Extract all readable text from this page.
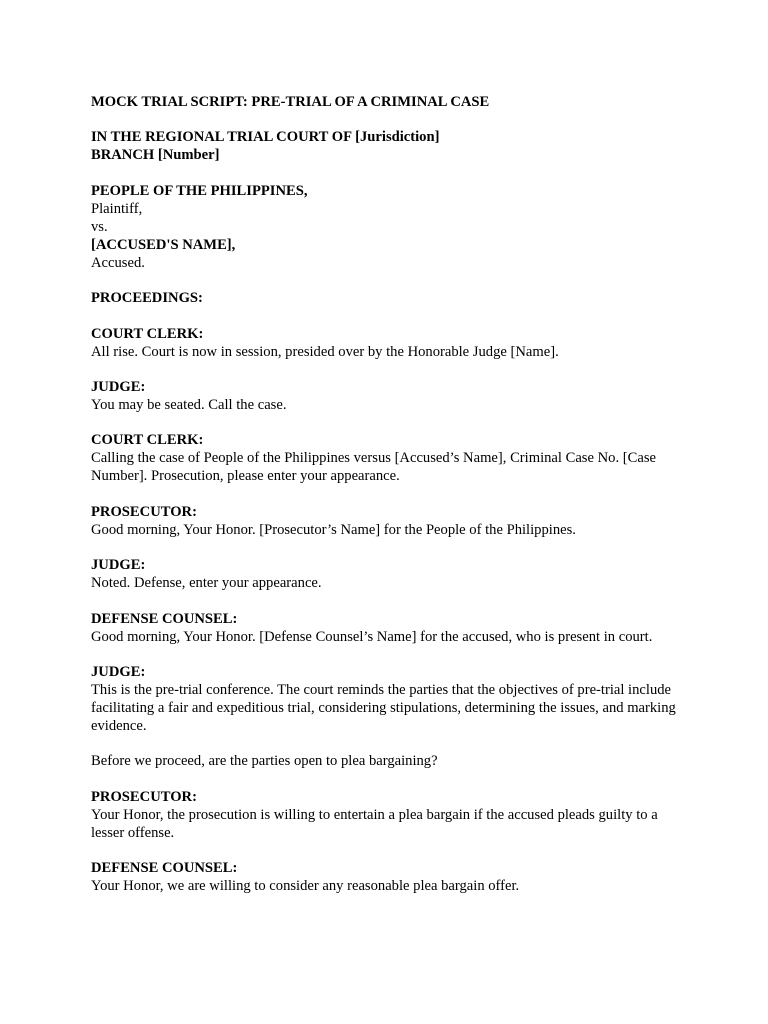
MOCK TRIAL SCRIPT: PRE-TRIAL OF A CRIMINAL CASE

IN THE REGIONAL TRIAL COURT OF [Jurisdiction]

BRANCH [Number]

PEOPLE OF THE PHILIPPINES,

Plaintiff,

vs.

[ACCUSED'S NAME],

Accused.

PROCEEDINGS:

COURT CLERK:

All rise. Court is now in session, presided over by the Honorable Judge [Name].

JUDGE:

You may be seated. Call the case.

COURT CLERK:

Calling the case of People of the Philippines versus [Accused’s Name], Criminal Case No. [Case Number]. Prosecution, please enter your appearance.

PROSECUTOR:

Good morning, Your Honor. [Prosecutor’s Name] for the People of the Philippines.

JUDGE:

Noted. Defense, enter your appearance.

DEFENSE COUNSEL:

Good morning, Your Honor. [Defense Counsel’s Name] for the accused, who is present in court.

JUDGE:

This is the pre-trial conference. The court reminds the parties that the objectives of pre-trial include facilitating a fair and expeditious trial, considering stipulations, determining the issues, and marking evidence.

Before we proceed, are the parties open to plea bargaining?

PROSECUTOR:

Your Honor, the prosecution is willing to entertain a plea bargain if the accused pleads guilty to a lesser offense.

DEFENSE COUNSEL:

Your Honor, we are willing to consider any reasonable plea bargain offer.
